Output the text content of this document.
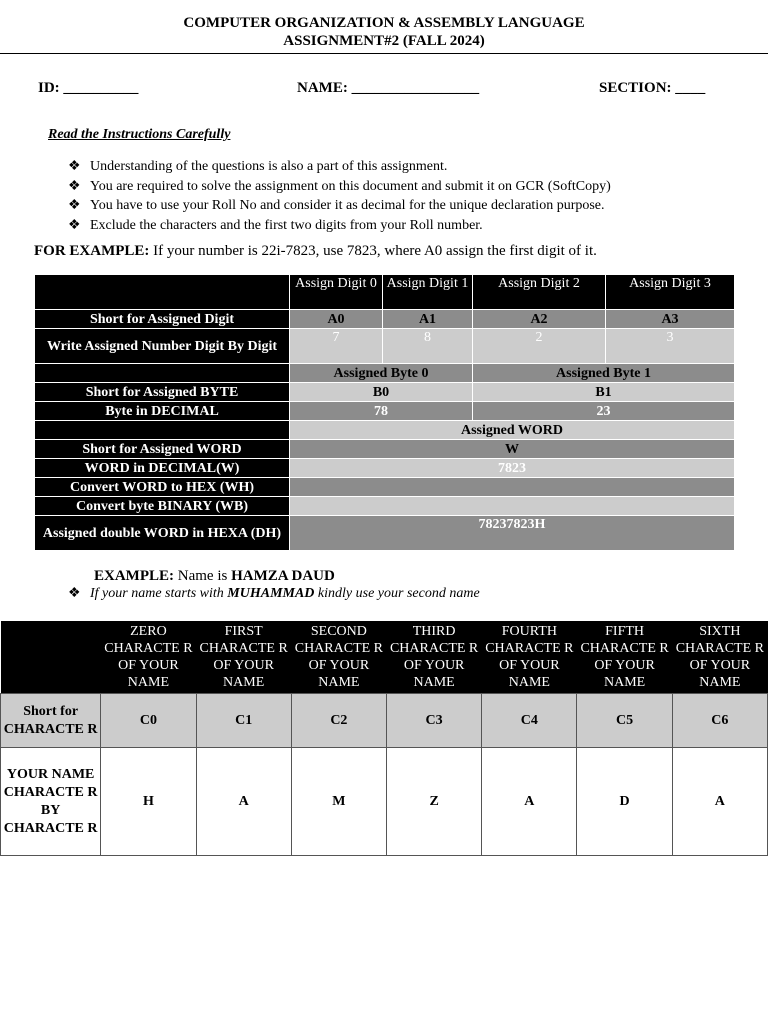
COMPUTER ORGANIZATION & ASSEMBLY LANGUAGE
ASSIGNMENT#2 (FALL 2024)
ID: __________	NAME: _________________	SECTION: ____
Read the Instructions Carefully
❖ Understanding of the questions is also a part of this assignment.
❖ You are required to solve the assignment on this document and submit it on GCR (SoftCopy)
❖ You have to use your Roll No and consider it as decimal for the unique declaration purpose.
❖ Exclude the characters and the first two digits from your Roll number.
FOR EXAMPLE: If your number is 22i-7823, use 7823, where A0 assign the first digit of it.
	Assign Digit 0	Assign Digit 1	Assign Digit 2	Assign Digit 3
Short for Assigned Digit	A0	A1	A2	A3
Write Assigned Number Digit By Digit	7	8	2	3
	Assigned Byte 0		Assigned Byte 1	
Short for Assigned BYTE	B0		B1	
Byte in DECIMAL	78		23	
	Assigned WORD			
Short for Assigned WORD	W			
WORD in DECIMAL(W)	7823			
Convert WORD to HEX (WH)				
Convert byte BINARY (WB)				
Assigned double WORD in HEXA (DH)	78237823H			
EXAMPLE: Name is HAMZA DAUD
❖ If your name starts with MUHAMMAD kindly use your second name
	ZERO CHARACTE R OF YOUR NAME	FIRST CHARACTE R OF YOUR NAME	SECOND CHARACTE R OF YOUR NAME	THIRD CHARACTE R OF YOUR NAME	FOURTH CHARACTE R OF YOUR NAME	FIFTH CHARACTE R OF YOUR NAME	SIXTH CHARACTE R OF YOUR NAME
Short for CHARACTE R	C0	C1	C2	C3	C4	C5	C6
YOUR NAME CHARACTE R BY CHARACTE R	H	A	M	Z	A	D	A
